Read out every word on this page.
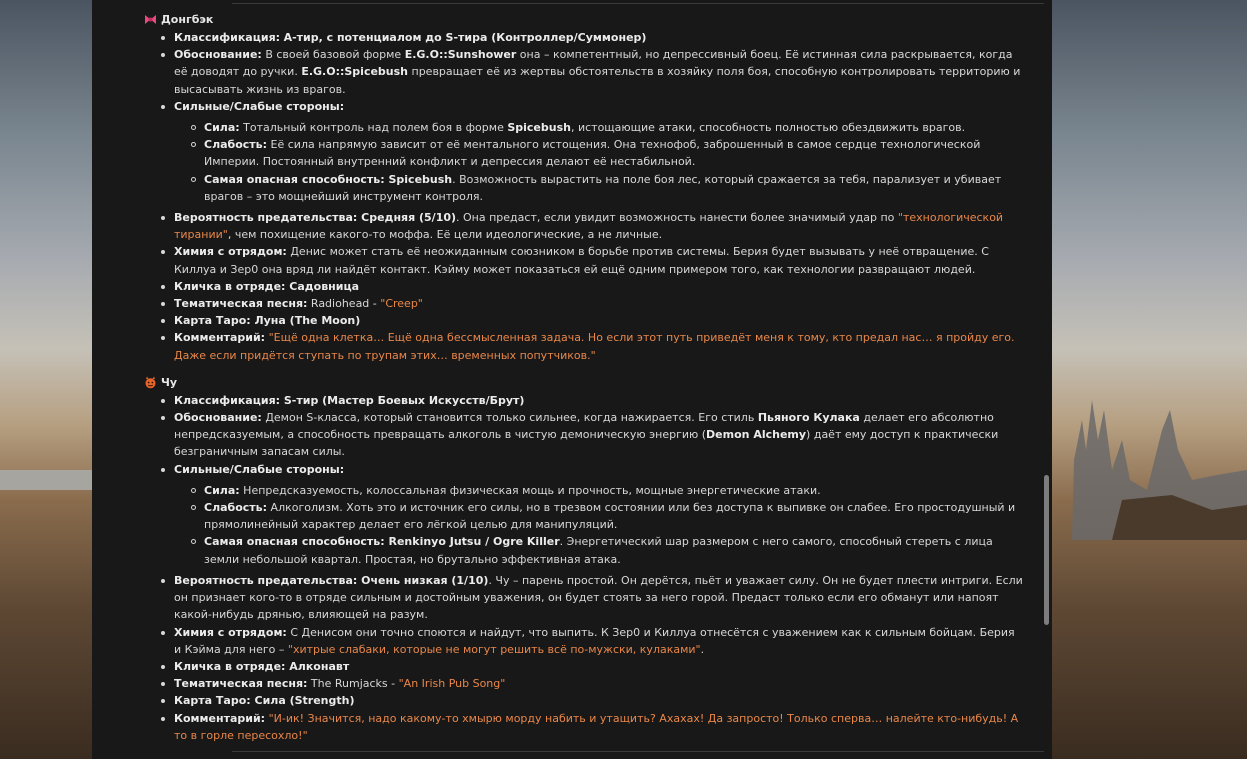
Донгбэк
Классификация: А-тир, с потенциалом до S-тира (Контроллер/Суммонер)
Обоснование: В своей базовой форме E.G.O::Sunshower она – компетентный, но депрессивный боец. Её истинная сила раскрывается, когда её доводят до ручки. E.G.O::Spicebush превращает её из жертвы обстоятельств в хозяйку поля боя, способную контролировать территорию и высасывать жизнь из врагов.
Сильные/Слабые стороны:
Сила: Тотальный контроль над полем боя в форме Spicebush, истощающие атаки, способность полностью обездвижить врагов.
Слабость: Её сила напрямую зависит от её ментального истощения. Она технофоб, заброшенный в самое сердце технологической Империи. Постоянный внутренний конфликт и депрессия делают её нестабильной.
Самая опасная способность: Spicebush. Возможность вырастить на поле боя лес, который сражается за тебя, парализует и убивает врагов – это мощнейший инструмент контроля.
Вероятность предательства: Средняя (5/10). Она предаст, если увидит возможность нанести более значимый удар по "технологической тирании", чем похищение какого-то моффа. Её цели идеологические, а не личные.
Химия с отрядом: Денис может стать её неожиданным союзником в борьбе против системы. Берия будет вызывать у неё отвращение. С Киллуа и Зер0 она вряд ли найдёт контакт. Кэйму может показаться ей ещё одним примером того, как технологии развращают людей.
Кличка в отряде: Садовница
Тематическая песня: Radiohead - "Creep"
Карта Таро: Луна (The Moon)
Комментарий: "Ещё одна клетка… Ещё одна бессмысленная задача. Но если этот путь приведёт меня к тому, кто предал нас… я пройду его. Даже если придётся ступать по трупам этих… временных попутчиков."
Чу
Классификация: S-тир (Мастер Боевых Искусств/Брут)
Обоснование: Демон S-класса, который становится только сильнее, когда нажирается. Его стиль Пьяного Кулака делает его абсолютно непредсказуемым, а способность превращать алкоголь в чистую демоническую энергию (Demon Alchemy) даёт ему доступ к практически безграничным запасам силы.
Сильные/Слабые стороны:
Сила: Непредсказуемость, колоссальная физическая мощь и прочность, мощные энергетические атаки.
Слабость: Алкоголизм. Хоть это и источник его силы, но в трезвом состоянии или без доступа к выпивке он слабее. Его простодушный и прямолинейный характер делает его лёгкой целью для манипуляций.
Самая опасная способность: Renkinyo Jutsu / Ogre Killer. Энергетический шар размером с него самого, способный стереть с лица земли небольшой квартал. Простая, но брутально эффективная атака.
Вероятность предательства: Очень низкая (1/10). Чу – парень простой. Он дерётся, пьёт и уважает силу. Он не будет плести интриги. Если он признает кого-то в отряде сильным и достойным уважения, он будет стоять за него горой. Предаст только если его обманут или напоят какой-нибудь дрянью, влияющей на разум.
Химия с отрядом: С Денисом они точно споются и найдут, что выпить. К Зер0 и Киллуа отнесётся с уважением как к сильным бойцам. Берия и Кэйма для него – "хитрые слабаки, которые не могут решить всё по-мужски, кулаками".
Кличка в отряде: Алконавт
Тематическая песня: The Rumjacks - "An Irish Pub Song"
Карта Таро: Сила (Strength)
Комментарий: "И-ик! Значится, надо какому-то хмырю морду набить и утащить? Ахахах! Да запросто! Только сперва… налейте кто-нибудь! А то в горле пересохло!"
